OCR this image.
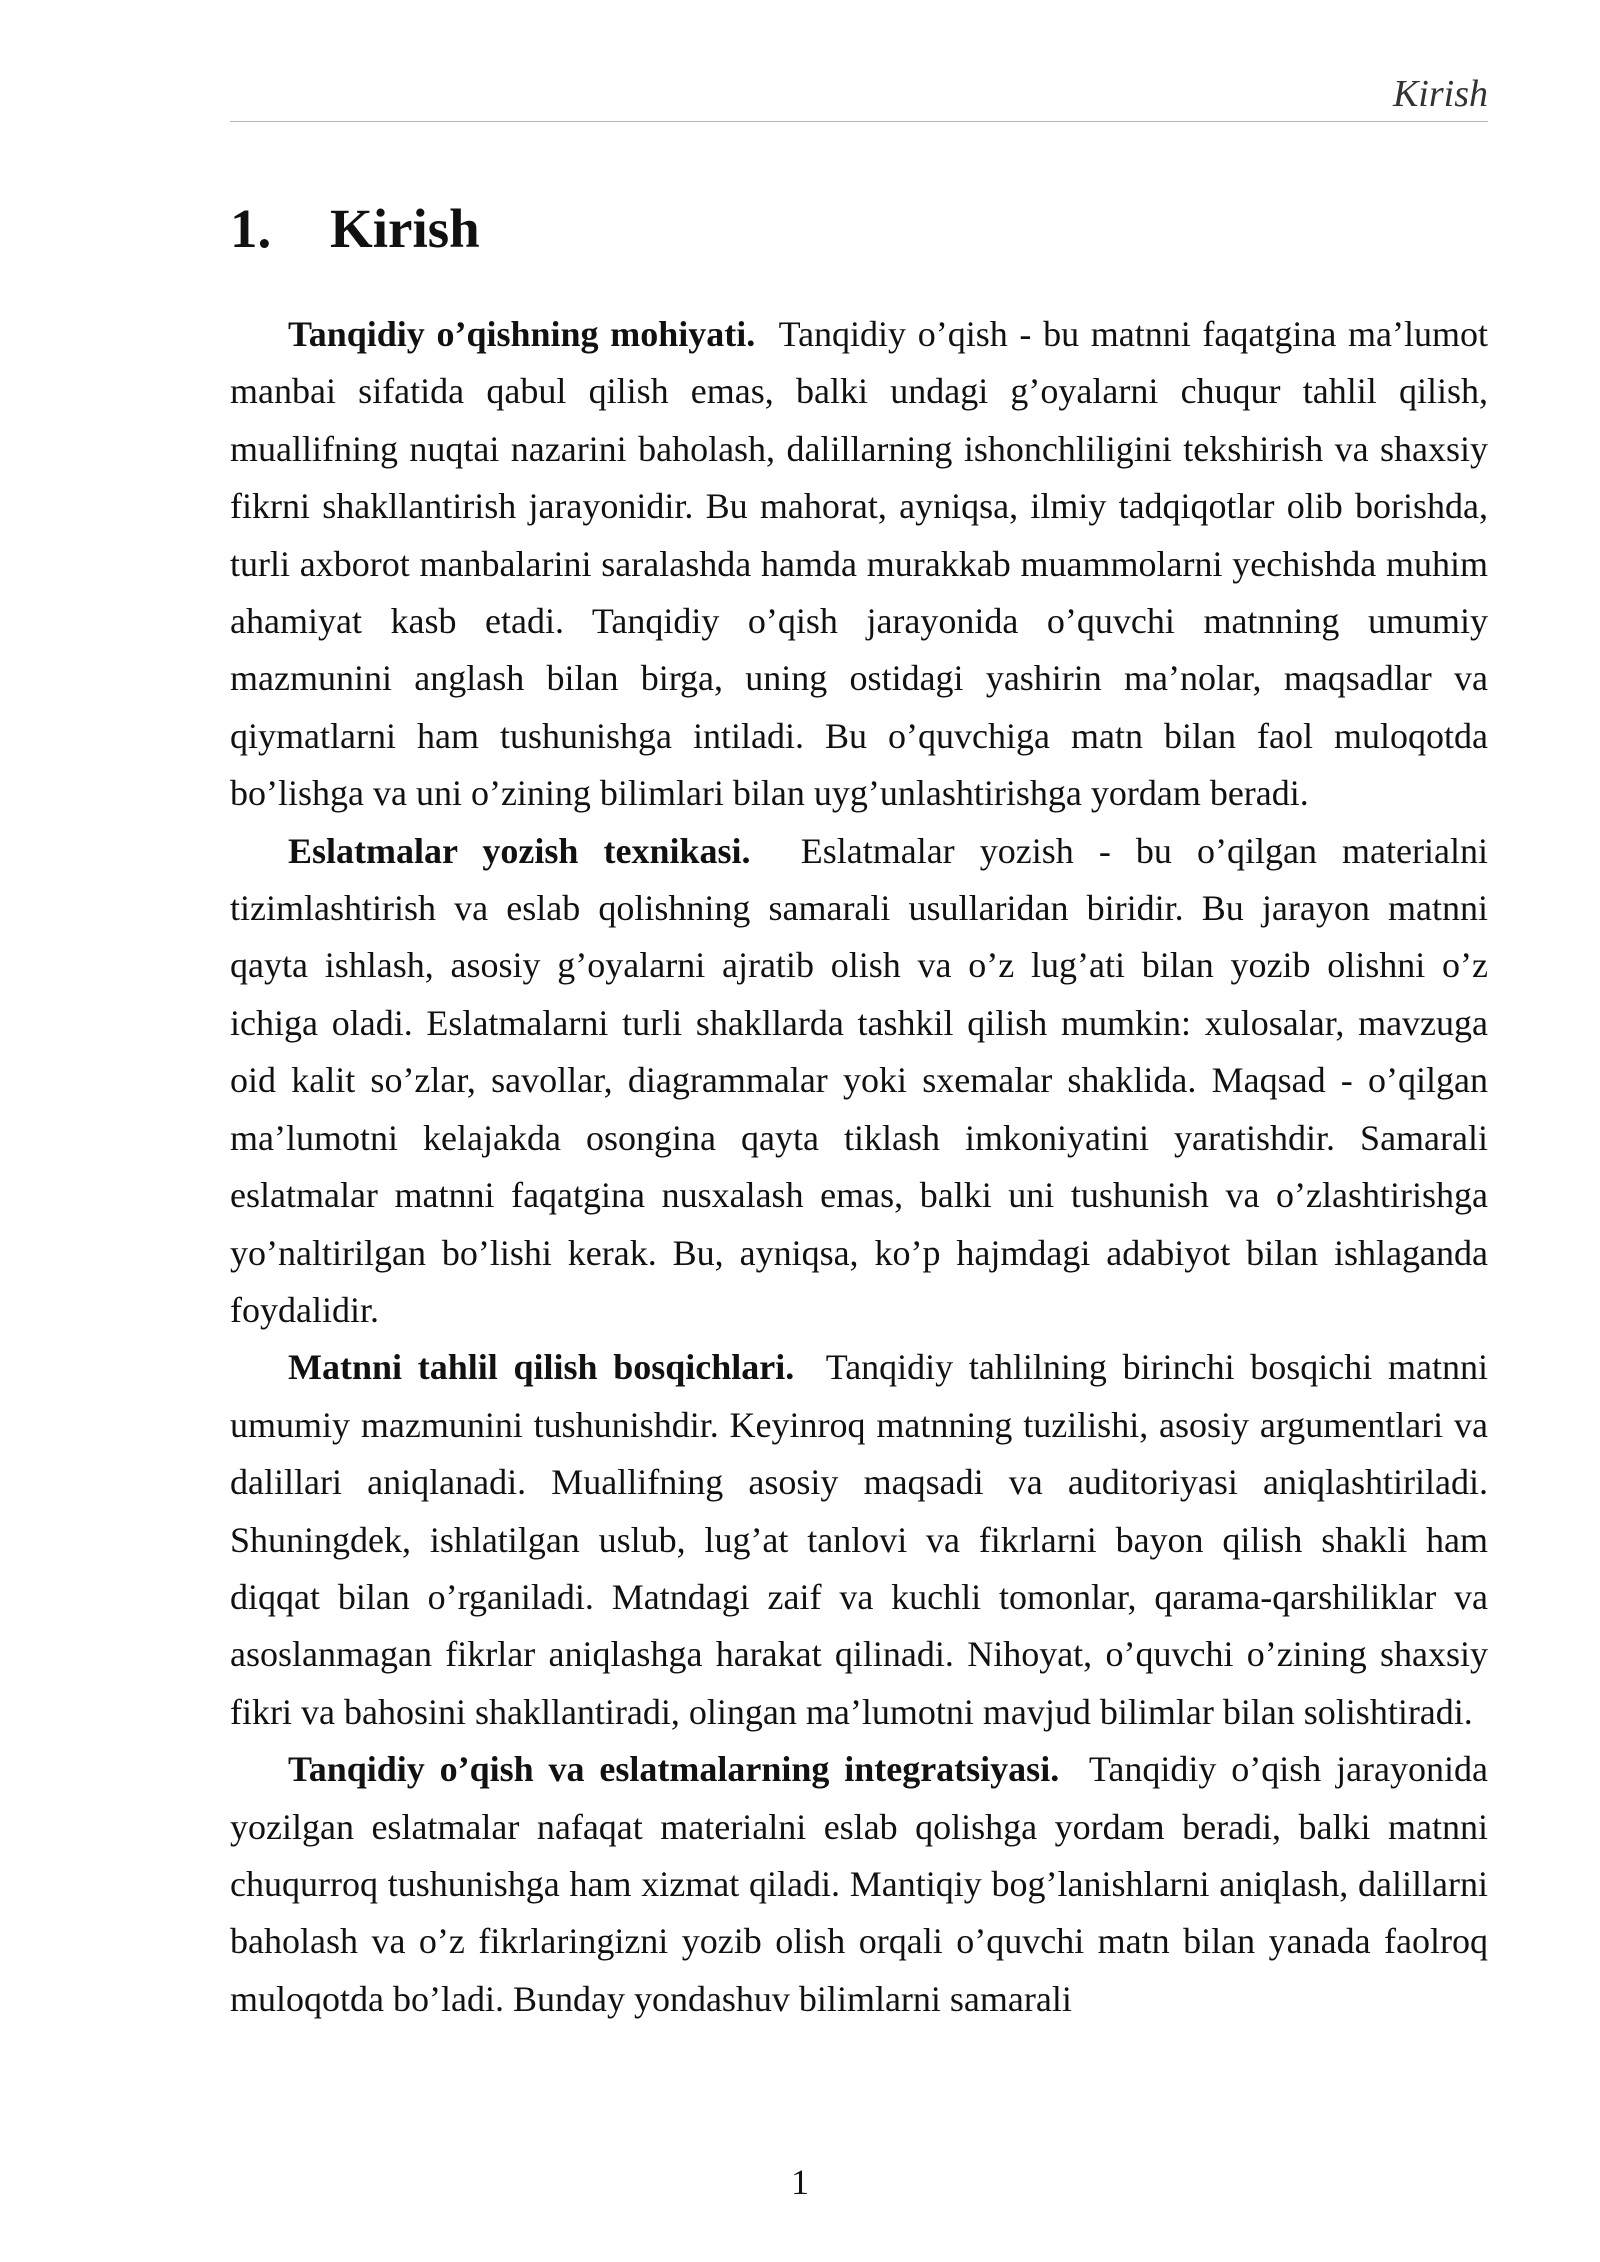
Kirish
1. Kirish

Tanqidiy o’qishning mohiyati. Tanqidiy o’qish - bu matnni faqatgina ma’lumot manbai sifatida qabul qilish emas, balki undagi g’oyalarni chuqur tahlil qilish, muallifning nuqtai nazarini baholash, dalillarning ishonchliligini tekshirish va shaxsiy fikrni shakllantirish jarayonidir. Bu mahorat, ayniqsa, ilmiy tadqiqotlar olib borishda, turli axborot manbalarini saralashda hamda murakkab muammolarni yechishda muhim ahamiyat kasb etadi. Tanqidiy o’qish jarayonida o’quvchi matnning umumiy mazmunini anglash bilan birga, uning ostidagi yashirin ma’nolar, maqsadlar va qiymatlarni ham tushunishga intiladi. Bu o’quvchiga matn bilan faol muloqotda bo’lishga va uni o’zining bilimlari bilan uyg’unlashtirishga yordam beradi.

Eslatmalar yozish texnikasi. Eslatmalar yozish - bu o’qilgan materialni tizimlashtirish va eslab qolishning samarali usullaridan biridir. Bu jarayon matnni qayta ishlash, asosiy g’oyalarni ajratib olish va o’z lug’ati bilan yozib olishni o’z ichiga oladi. Eslatmalarni turli shakllarda tashkil qilish mumkin: xulosalar, mavzuga oid kalit so’zlar, savollar, diagrammalar yoki sxemalar shaklida. Maqsad - o’qilgan ma’lumotni kelajakda osongina qayta tiklash imkoniyatini yaratishdir. Samarali eslatmalar matnni faqatgina nusxalash emas, balki uni tushunish va o’zlashtirishga yo’naltirilgan bo’lishi kerak. Bu, ayniqsa, ko’p hajmdagi adabiyot bilan ishlaganda foydalidir.

Matnni tahlil qilish bosqichlari. Tanqidiy tahlilning birinchi bosqichi matnni umumiy mazmunini tushunishdir. Keyinroq matnning tuzilishi, asosiy argumentlari va dalillari aniqlanadi. Muallifning asosiy maqsadi va auditoriyasi aniqlashtiriladi. Shuningdek, ishlatilgan uslub, lug’at tanlovi va fikrlarni bayon qilish shakli ham diqqat bilan o’rganiladi. Matndagi zaif va kuchli tomonlar, qarama-qarshiliklar va asoslanmagan fikrlar aniqlashga harakat qilinadi. Nihoyat, o’quvchi o’zining shaxsiy fikri va bahosini shakllantiradi, olingan ma’lumotni mavjud bilimlar bilan solishtiradi.

Tanqidiy o’qish va eslatmalarning integratsiyasi. Tanqidiy o’qish jarayonida yozilgan eslatmalar nafaqat materialni eslab qolishga yordam beradi, balki matnni chuqurroq tushunishga ham xizmat qiladi. Mantiqiy bog’lanishlarni aniqlash, dalillarni baholash va o’z fikrlaringizni yozib olish orqali o’quvchi matn bilan yanada faolroq muloqotda bo’ladi. Bunday yondashuv bilimlarni samarali

1
